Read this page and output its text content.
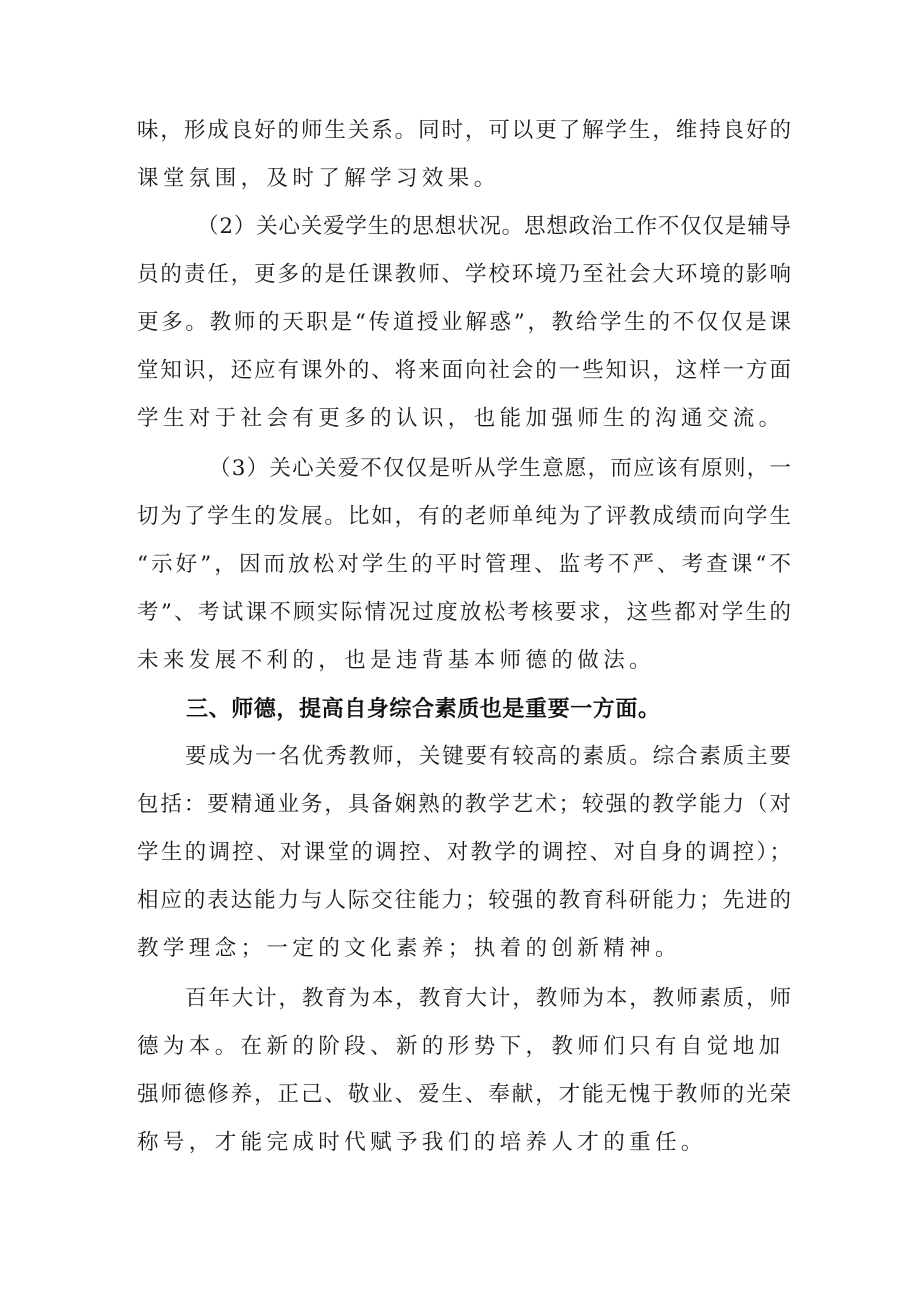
味，形成良好的师生关系。同时，可以更了解学生，维持良好的
课堂氛围，及时了解学习效果。
（2）关心关爱学生的思想状况。思想政治工作不仅仅是辅导
员的责任，更多的是任课教师、学校环境乃至社会大环境的影响
更多。教师的天职是“传道授业解惑”，教给学生的不仅仅是课
堂知识，还应有课外的、将来面向社会的一些知识，这样一方面
学生对于社会有更多的认识，也能加强师生的沟通交流。
（3）关心关爱不仅仅是听从学生意愿，而应该有原则，一
切为了学生的发展。比如，有的老师单纯为了评教成绩而向学生
“示好”，因而放松对学生的平时管理、监考不严、考查课“不
考”、考试课不顾实际情况过度放松考核要求，这些都对学生的
未来发展不利的，也是违背基本师德的做法。
三、师德，提高自身综合素质也是重要一方面。
要成为一名优秀教师，关键要有较高的素质。综合素质主要
包括：要精通业务，具备娴熟的教学艺术；较强的教学能力（对
学生的调控、对课堂的调控、对教学的调控、对自身的调控）；
相应的表达能力与人际交往能力；较强的教育科研能力；先进的
教学理念；一定的文化素养；执着的创新精神。
百年大计，教育为本，教育大计，教师为本，教师素质，师
德为本。在新的阶段、新的形势下，教师们只有自觉地加
强师德修养，正己、敬业、爱生、奉献，才能无愧于教师的光荣
称号，才能完成时代赋予我们的培养人才的重任。
